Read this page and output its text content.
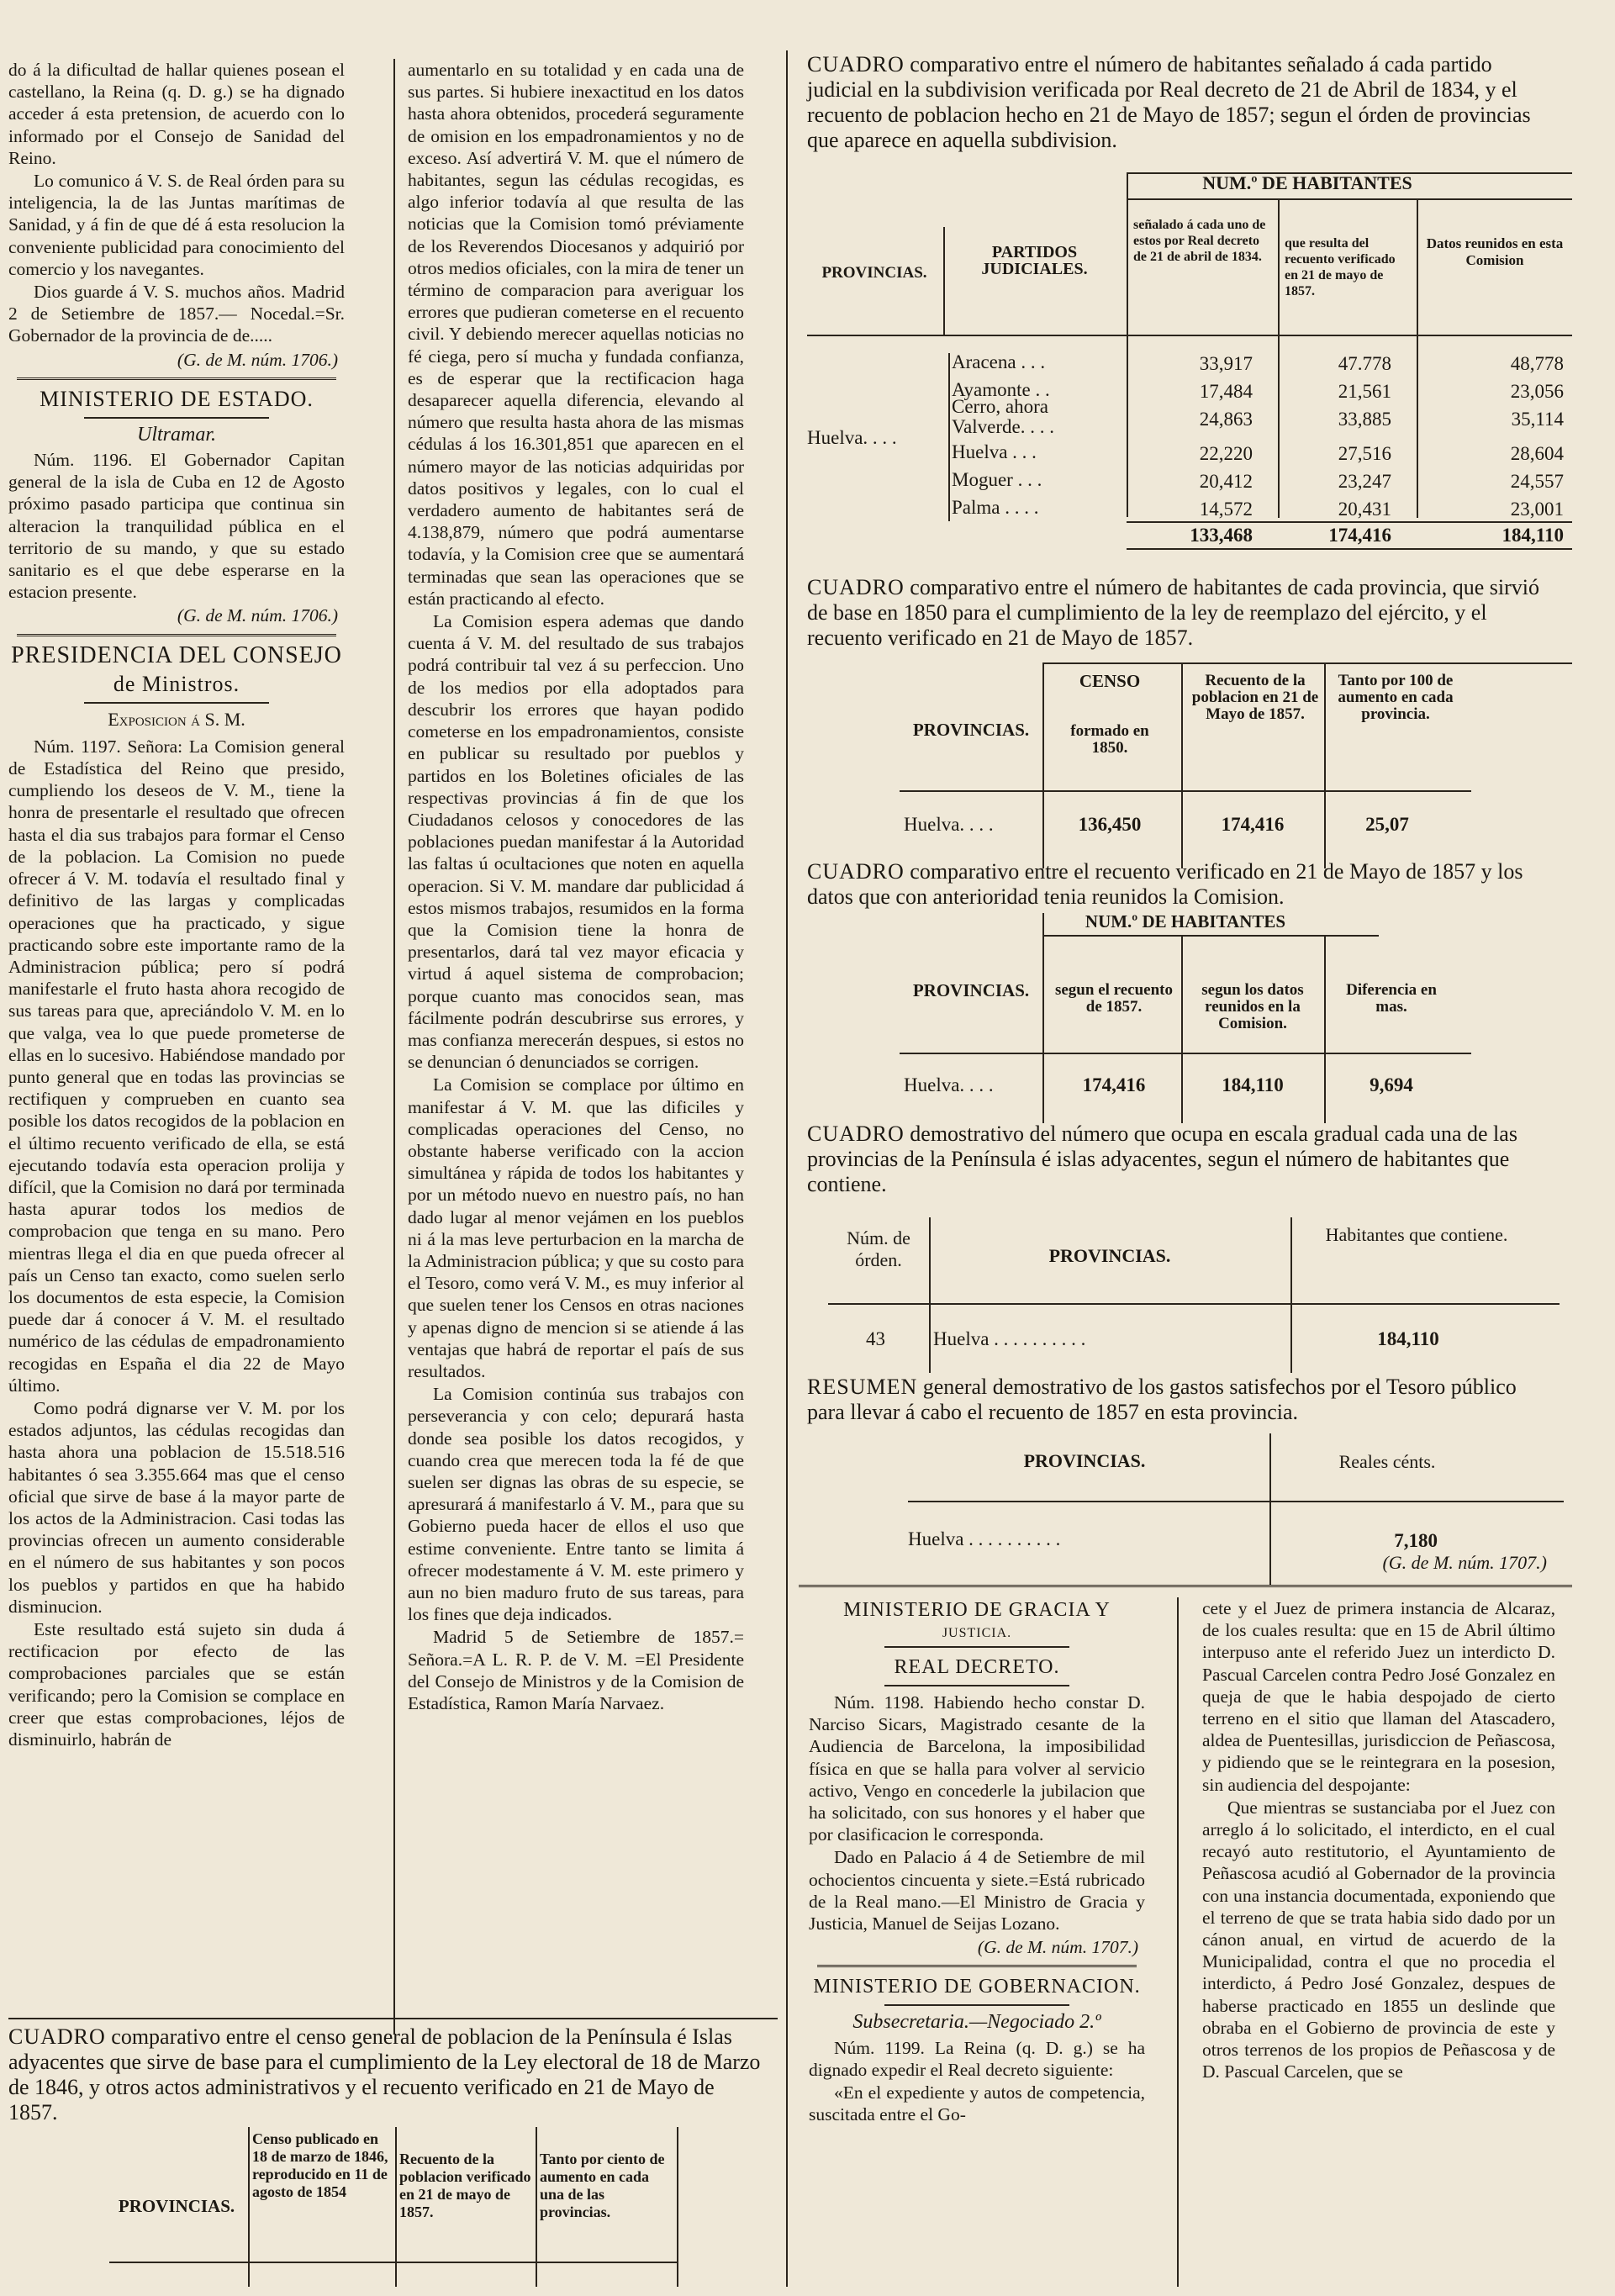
do á la dificultad de hallar quienes posean el castellano, la Reina (q. D. g.) se ha dignado acceder á esta pretension, de acuerdo con lo informado por el Consejo de Sanidad del Reino.

Lo comunico á V. S. de Real órden para su inteligencia, la de las Juntas marítimas de Sanidad, y á fin de que dé á esta resolucion la conveniente publicidad para conocimiento del comercio y los navegantes.

Dios guarde á V. S. muchos años. Madrid 2 de Setiembre de 1857.— Nocedal.=Sr. Gobernador de la provincia de de.....

(G. de M. núm. 1706.)
MINISTERIO DE ESTADO.
Ultramar.

Núm. 1196. El Gobernador Capitan general de la isla de Cuba en 12 de Agosto próximo pasado participa que continua sin alteracion la tranquilidad pública en el territorio de su mando, y que su estado sanitario es el que debe esperarse en la estacion presente.

(G. de M. núm. 1706.)
PRESIDENCIA DEL CONSEJO
de Ministros.
Exposicion á S. M.

Núm. 1197. Señora: La Comision general de Estadística del Reino que presido, cumpliendo los deseos de V. M., tiene la honra de presentarle el resultado que ofrecen hasta el dia sus trabajos para formar el Censo de la poblacion. La Comision no puede ofrecer á V. M. todavía el resultado final y definitivo de las largas y complicadas operaciones que ha practicado, y sigue practicando sobre este importante ramo de la Administracion pública; pero sí podrá manifestarle el fruto hasta ahora recogido de sus tareas para que, apreciándolo V. M. en lo que valga, vea lo que puede prometerse de ellas en lo sucesivo. Habiéndose mandado por punto general que en todas las provincias se rectifiquen y comprueben en cuanto sea posible los datos recogidos de la poblacion en el último recuento verificado de ella, se está ejecutando todavía esta operacion prolija y difícil, que la Comision no dará por terminada hasta apurar todos los medios de comprobacion que tenga en su mano. Pero mientras llega el dia en que pueda ofrecer al país un Censo tan exacto, como suelen serlo los documentos de esta especie, la Comision puede dar á conocer á V. M. el resultado numérico de las cédulas de empadronamiento recogidas en España el dia 22 de Mayo último.

Como podrá dignarse ver V. M. por los estados adjuntos, las cédulas recogidas dan hasta ahora una poblacion de 15.518.516 habitantes ó sea 3.355.664 mas que el censo oficial que sirve de base á la mayor parte de los actos de la Administracion. Casi todas las provincias ofrecen un aumento considerable en el número de sus habitantes y son pocos los pueblos y partidos en que ha habido disminucion.

Este resultado está sujeto sin duda á rectificacion por efecto de las comprobaciones parciales que se están verificando; pero la Comision se complace en creer que estas comprobaciones, léjos de disminuirlo, habrán de

aumentarlo en su totalidad y en cada una de sus partes. Si hubiere inexactitud en los datos hasta ahora obtenidos, procederá seguramente de omision en los empadronamientos y no de exceso. Así advertirá V. M. que el número de habitantes, segun las cédulas recogidas, es algo inferior todavía al que resulta de las noticias que la Comision tomó préviamente de los Reverendos Diocesanos y adquirió por otros medios oficiales, con la mira de tener un término de comparacion para averiguar los errores que pudieran cometerse en el recuento civil. Y debiendo merecer aquellas noticias no fé ciega, pero sí mucha y fundada confianza, es de esperar que la rectificacion haga desaparecer aquella diferencia, elevando al número que resulta hasta ahora de las mismas cédulas á los 16.301,851 que aparecen en el número mayor de las noticias adquiridas por datos positivos y legales, con lo cual el verdadero aumento de habitantes será de 4.138,879, número que podrá aumentarse todavía, y la Comision cree que se aumentará terminadas que sean las operaciones que se están practicando al efecto.

La Comision espera ademas que dando cuenta á V. M. del resultado de sus trabajos podrá contribuir tal vez á su perfeccion. Uno de los medios por ella adoptados para descubrir los errores que hayan podido cometerse en los empadronamientos, consiste en publicar su resultado por pueblos y partidos en los Boletines oficiales de las respectivas provincias á fin de que los Ciudadanos celosos y conocedores de las poblaciones puedan manifestar á la Autoridad las faltas ú ocultaciones que noten en aquella operacion. Si V. M. mandare dar publicidad á estos mismos trabajos, resumidos en la forma que la Comision tiene la honra de presentarlos, dará tal vez mayor eficacia y virtud á aquel sistema de comprobacion; porque cuanto mas conocidos sean, mas fácilmente podrán descubrirse sus errores, y mas confianza merecerán despues, si estos no se denuncian ó denunciados se corrigen.

La Comision se complace por último en manifestar á V. M. que las dificiles y complicadas operaciones del Censo, no obstante haberse verificado con la accion simultánea y rápida de todos los habitantes y por un método nuevo en nuestro país, no han dado lugar al menor vejámen en los pueblos ni á la mas leve perturbacion en la marcha de la Administracion pública; y que su costo para el Tesoro, como verá V. M., es muy inferior al que suelen tener los Censos en otras naciones y apenas digno de mencion si se atiende á las ventajas que habrá de reportar el país de sus resultados.

La Comision continúa sus trabajos con perseverancia y con celo; depurará hasta donde sea posible los datos recogidos, y cuando crea que merecen toda la fé de que suelen ser dignas las obras de su especie, se apresurará á manifestarlo á V. M., para que su Gobierno pueda hacer de ellos el uso que estime conveniente. Entre tanto se limita á ofrecer modestamente á V. M. este primero y aun no bien maduro fruto de sus tareas, para los fines que deja indicados.

Madrid 5 de Setiembre de 1857.= Señora.=A L. R. P. de V. M. =El Presidente del Consejo de Ministros y de la Comision de Estadística, Ramon María Narvaez.

CUADRO comparativo entre el número de habitantes señalado á cada partido judicial en la subdivision verificada por Real decreto de 21 de Abril de 1834, y el recuento de poblacion hecho en 21 de Mayo de 1857; segun el órden de provincias que aparece en aquella subdivision.
NUM.º DE HABITANTES
PROVINCIAS.
PARTIDOS JUDICIALES.
señalado á cada uno de estos por Real decreto de 21 de abril de 1834.
que resulta del recuento verificado en 21 de mayo de 1857.
Datos reunidos en esta Comision
Huelva. . . .
Aracena . . .	33,917	47.778	48,778
Ayamonte . .	17,484	21,561	23,056
Cerro, ahora Valverde. . . .	24,863	33,885	35,114
Huelva . . .	22,220	27,516	28,604
Moguer . . .	20,412	23,247	24,557
Palma . . . .	14,572	20,431	23,001
133,468	174,416	184,110
CUADRO comparativo entre el número de habitantes de cada provincia, que sirvió de base en 1850 para el cumplimiento de la ley de reemplazo del ejército, y el recuento verificado en 21 de Mayo de 1857.
PROVINCIAS.
CENSO
formado en 1850.
Recuento de la poblacion en 21 de Mayo de 1857.
Tanto por 100 de aumento en cada provincia.
Huelva. . . .	136,450	174,416	25,07
CUADRO comparativo entre el recuento verificado en 21 de Mayo de 1857 y los datos que con anterioridad tenia reunidos la Comision.
NUM.º DE HABITANTES
PROVINCIAS.	segun el recuento de 1857.
segun los datos reunidos en la Comision.
Diferencia en mas.
Huelva. . . .	174,416	184,110	9,694
CUADRO demostrativo del número que ocupa en escala gradual cada una de las provincias de la Península é islas adyacentes, segun el número de habitantes que contiene.
Núm. de órden.	PROVINCIAS.
Habitantes que contiene.
43 Huelva . . . . . . . . . .	184,110
RESUMEN general demostrativo de los gastos satisfechos por el Tesoro público para llevar á cabo el recuento de 1857 en esta provincia.
PROVINCIAS.	Reales cénts.
Huelva . . . . . . . . . .	7,180
(G. de M. núm. 1707.)
MINISTERIO DE GRACIA Y
JUSTICIA.
REAL DECRETO.

Núm. 1198. Habiendo hecho constar D. Narciso Sicars, Magistrado cesante de la Audiencia de Barcelona, la imposibilidad física en que se halla para volver al servicio activo, Vengo en concederle la jubilacion que ha solicitado, con sus honores y el haber que por clasificacion le corresponda.

Dado en Palacio á 4 de Setiembre de mil ochocientos cincuenta y siete.=Está rubricado de la Real mano.—El Ministro de Gracia y Justicia, Manuel de Seijas Lozano.

(G. de M. núm. 1707.)
MINISTERIO DE GOBERNACION.
Subsecretaria.—Negociado 2.º

Núm. 1199. La Reina (q. D. g.) se ha dignado expedir el Real decreto siguiente:

«En el expediente y autos de competencia, suscitada entre el Go-

cete y el Juez de primera instancia de Alcaraz, de los cuales resulta: que en 15 de Abril último interpuso ante el referido Juez un interdicto D. Pascual Carcelen contra Pedro José Gonzalez en queja de que le habia despojado de cierto terreno en el sitio que llaman del Atascadero, aldea de Puentesillas, jurisdiccion de Peñascosa, y pidiendo que se le reintegrara en la posesion, sin audiencia del despojante:

Que mientras se sustanciaba por el Juez con arreglo á lo solicitado, el interdicto, en el cual recayó auto restitutorio, el Ayuntamiento de Peñascosa acudió al Gobernador de la provincia con una instancia documentada, exponiendo que el terreno de que se trata habia sido dado por un cánon anual, en virtud de acuerdo de la Municipalidad, contra el que no procedia el interdicto, á Pedro José Gonzalez, despues de haberse practicado en 1855 un deslinde que obraba en el Gobierno de provincia de este y otros terrenos de los propios de Peñascosa y de D. Pascual Carcelen, que se

CUADRO comparativo entre el censo general de poblacion de la Península é Islas adyacentes que sirve de base para el cumplimiento de la Ley electoral de 18 de Marzo de 1846, y otros actos administrativos y el recuento verificado en 21 de Mayo de 1857.
PROVINCIAS.
Censo publicado en 18 de marzo de 1846, reproducido en 11 de agosto de 1854
Recuento de la poblacion verificado en 21 de mayo de 1857.
Tanto por ciento de aumento en cada una de las provincias.
